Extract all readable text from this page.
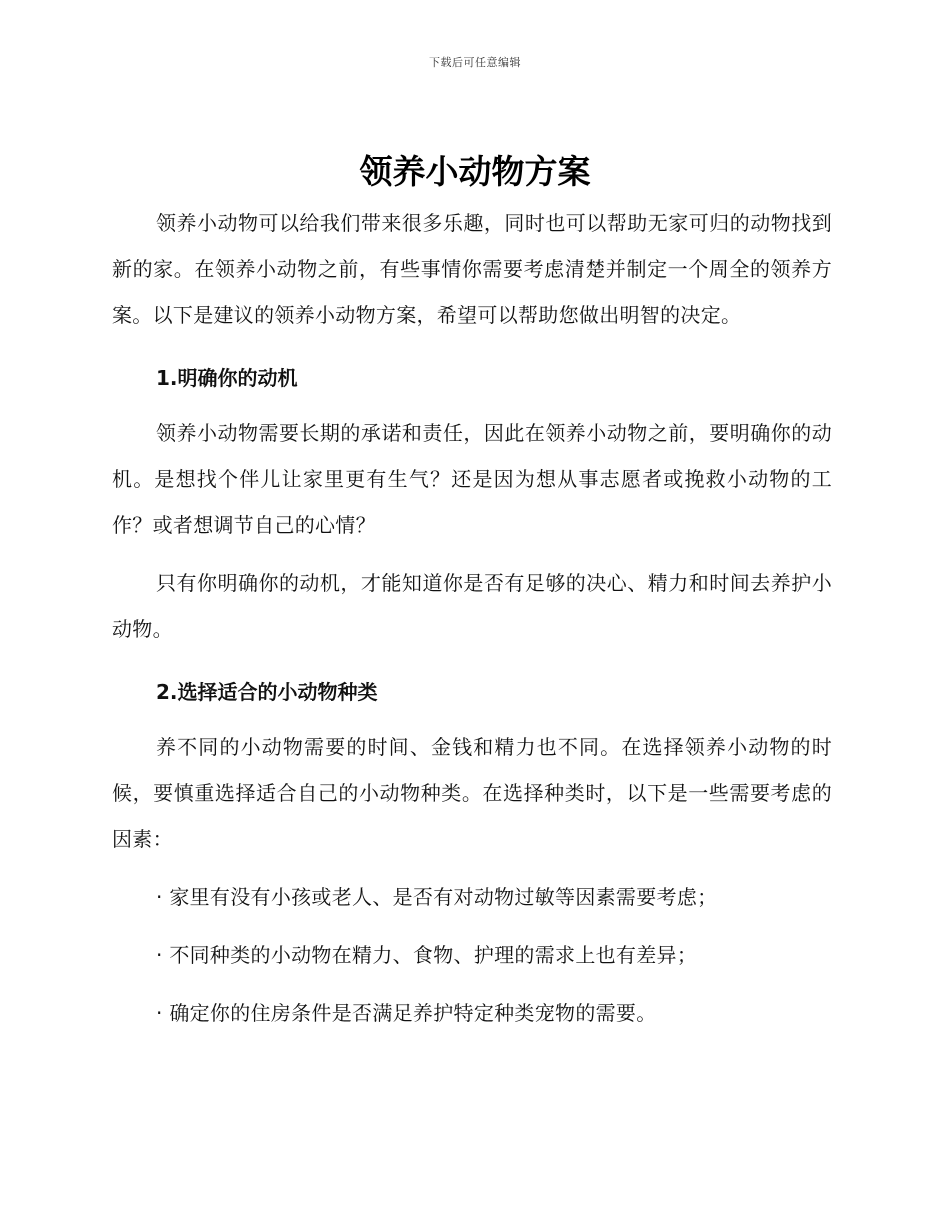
下载后可任意编辑
领养小动物方案

领养小动物可以给我们带来很多乐趣，同时也可以帮助无家可归的动物找到新的家。在领养小动物之前，有些事情你需要考虑清楚并制定一个周全的领养方案。以下是建议的领养小动物方案，希望可以帮助您做出明智的决定。

1.明确你的动机

领养小动物需要长期的承诺和责任，因此在领养小动物之前，要明确你的动机。是想找个伴儿让家里更有生气？还是因为想从事志愿者或挽救小动物的工作？或者想调节自己的心情？

只有你明确你的动机，才能知道你是否有足够的决心、精力和时间去养护小动物。

2.选择适合的小动物种类

养不同的小动物需要的时间、金钱和精力也不同。在选择领养小动物的时候，要慎重选择适合自己的小动物种类。在选择种类时，以下是一些需要考虑的因素：

· 家里有没有小孩或老人、是否有对动物过敏等因素需要考虑；

· 不同种类的小动物在精力、食物、护理的需求上也有差异；

· 确定你的住房条件是否满足养护特定种类宠物的需要。
